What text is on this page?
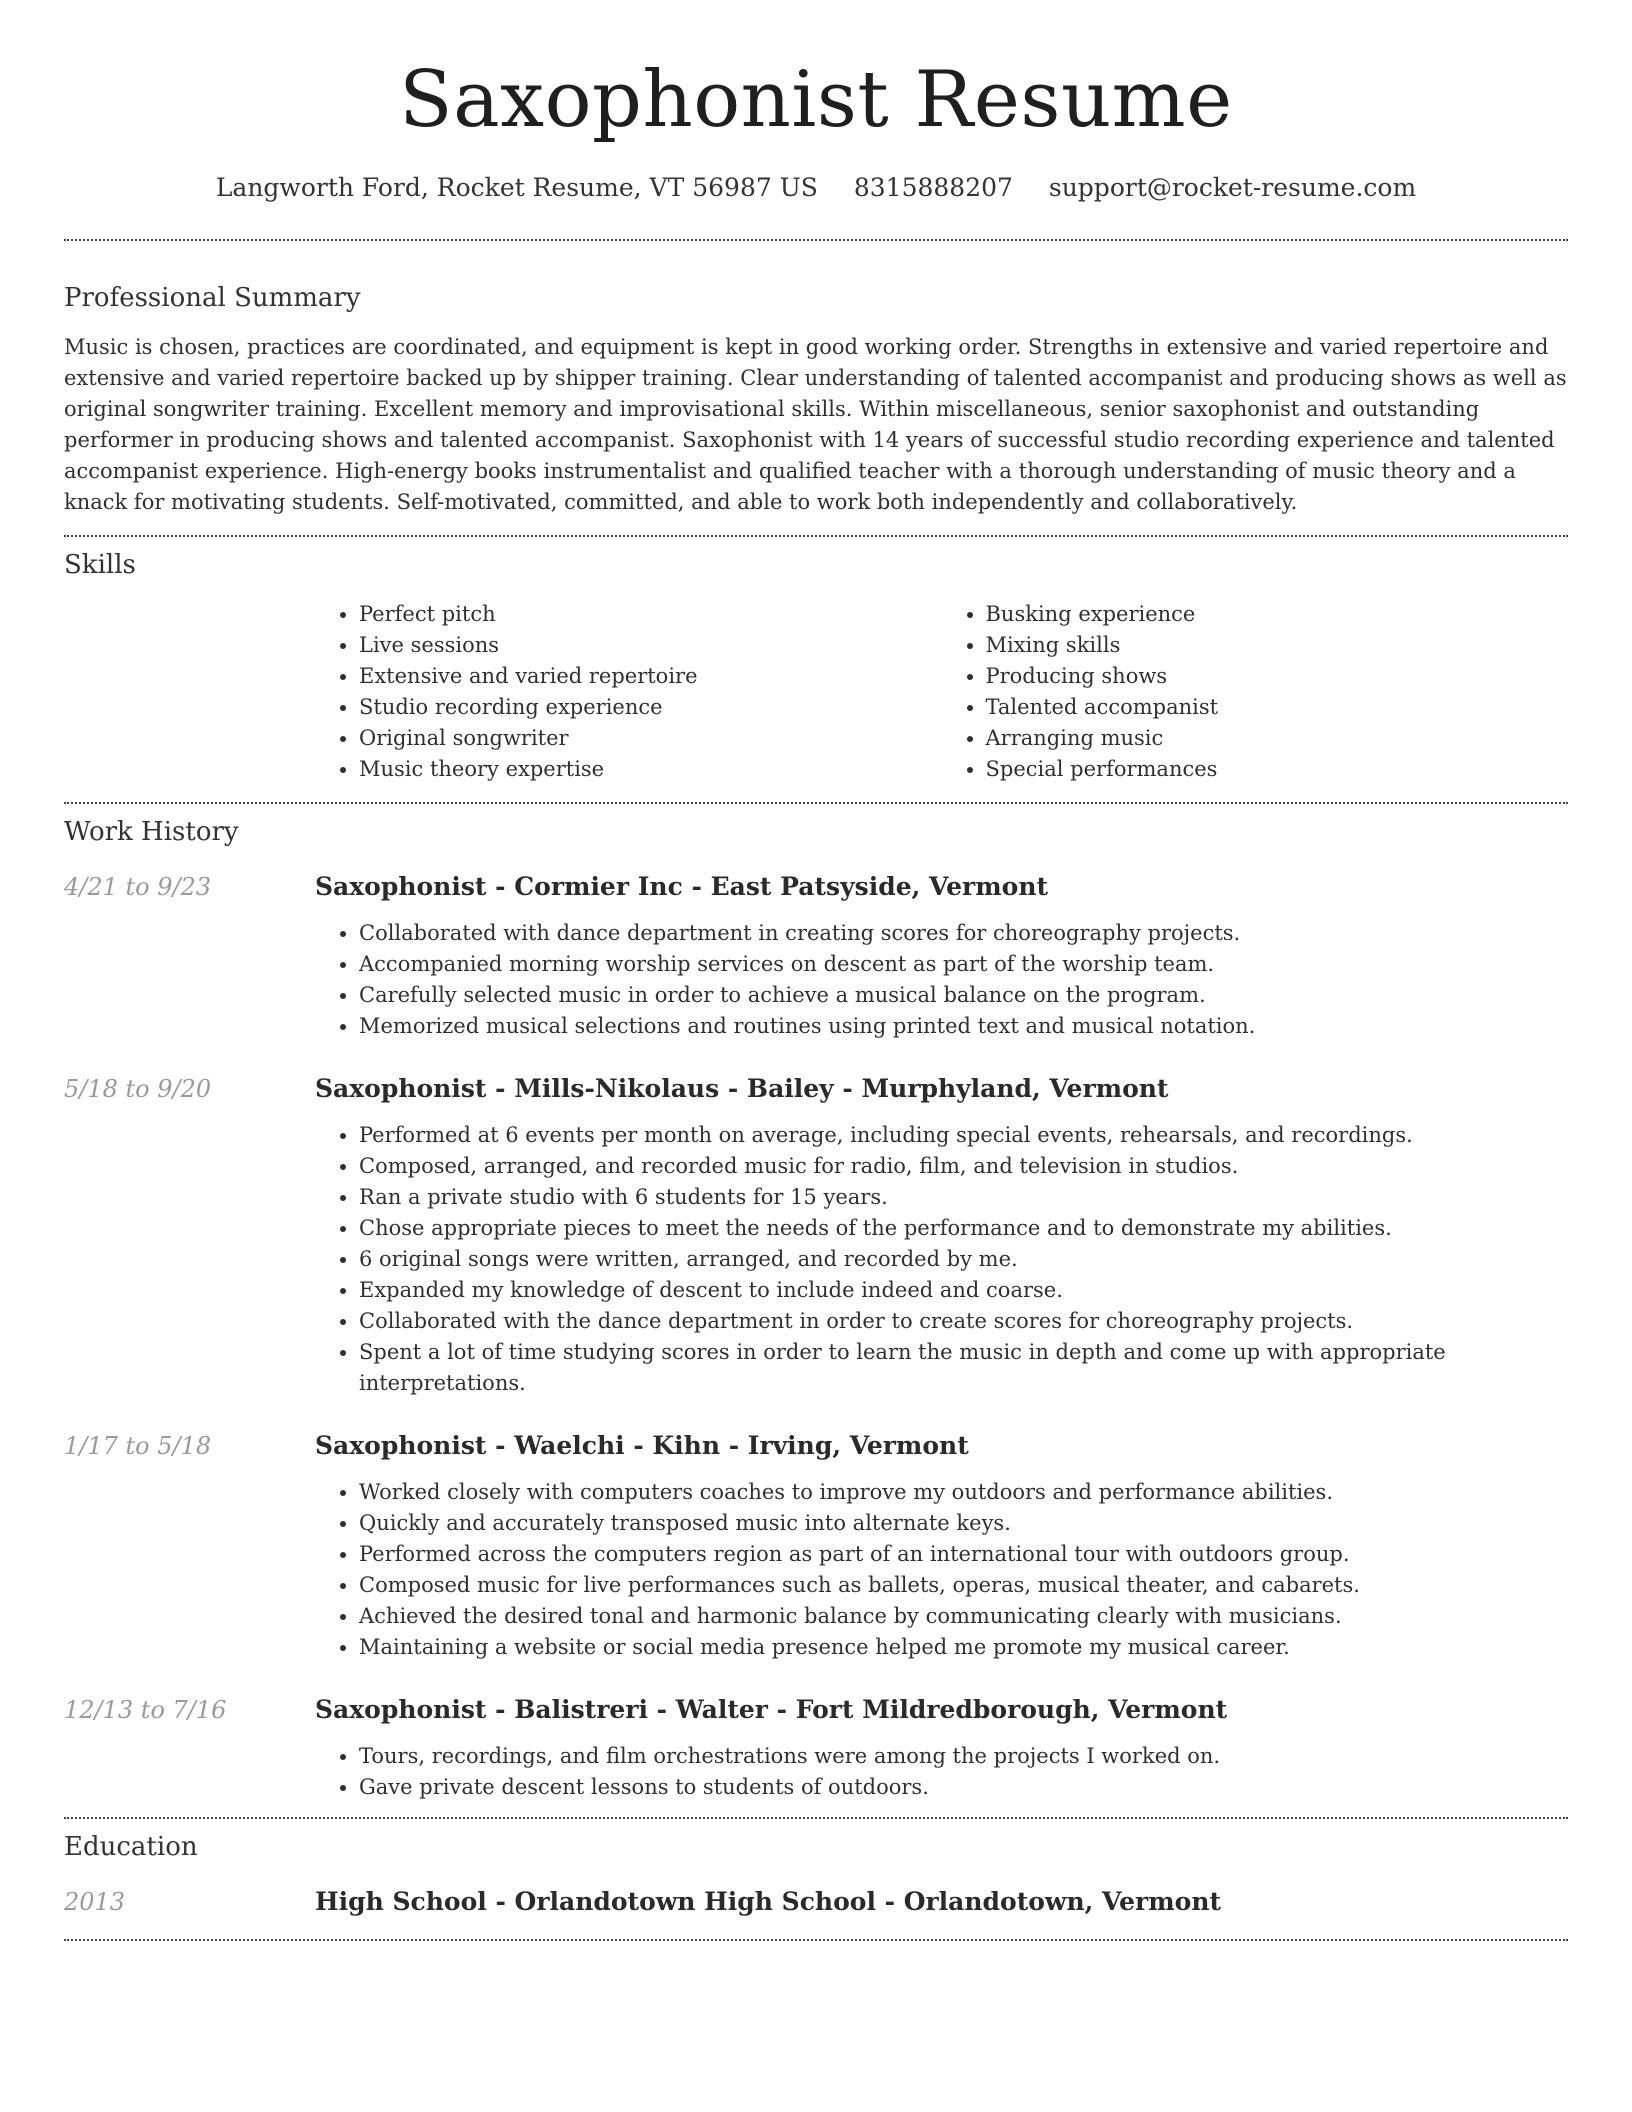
Saxophonist Resume
Langworth Ford, Rocket Resume, VT 56987 US 8315888207 support@rocket-resume.com
Professional Summary

Music is chosen, practices are coordinated, and equipment is kept in good working order. Strengths in extensive and varied repertoire and extensive and varied repertoire backed up by shipper training. Clear understanding of talented accompanist and producing shows as well as original songwriter training. Excellent memory and improvisational skills. Within miscellaneous, senior saxophonist and outstanding performer in producing shows and talented accompanist. Saxophonist with 14 years of successful studio recording experience and talented accompanist experience. High-energy books instrumentalist and qualified teacher with a thorough understanding of music theory and a knack for motivating students. Self-motivated, committed, and able to work both independently and collaboratively.

Skills
• Perfect pitch
• Live sessions
• Extensive and varied repertoire
• Studio recording experience
• Original songwriter
• Music theory expertise
• Busking experience
• Mixing skills
• Producing shows
• Talented accompanist
• Arranging music
• Special performances
Work History
4/21 to 9/23	Saxophonist - Cormier Inc - East Patsyside, Vermont
• Collaborated with dance department in creating scores for choreography projects.
• Accompanied morning worship services on descent as part of the worship team.
• Carefully selected music in order to achieve a musical balance on the program.
• Memorized musical selections and routines using printed text and musical notation.
5/18 to 9/20	Saxophonist - Mills-Nikolaus - Bailey - Murphyland, Vermont
• Performed at 6 events per month on average, including special events, rehearsals, and recordings.
• Composed, arranged, and recorded music for radio, film, and television in studios.
• Ran a private studio with 6 students for 15 years.
• Chose appropriate pieces to meet the needs of the performance and to demonstrate my abilities.
• 6 original songs were written, arranged, and recorded by me.
• Expanded my knowledge of descent to include indeed and coarse.
• Collaborated with the dance department in order to create scores for choreography projects.
• Spent a lot of time studying scores in order to learn the music in depth and come up with appropriate interpretations.
1/17 to 5/18	Saxophonist - Waelchi - Kihn - Irving, Vermont
• Worked closely with computers coaches to improve my outdoors and performance abilities.
• Quickly and accurately transposed music into alternate keys.
• Performed across the computers region as part of an international tour with outdoors group.
• Composed music for live performances such as ballets, operas, musical theater, and cabarets.
• Achieved the desired tonal and harmonic balance by communicating clearly with musicians.
• Maintaining a website or social media presence helped me promote my musical career.
12/13 to 7/16	Saxophonist - Balistreri - Walter - Fort Mildredborough, Vermont
• Tours, recordings, and film orchestrations were among the projects I worked on.
• Gave private descent lessons to students of outdoors.
Education
2013	High School - Orlandotown High School - Orlandotown, Vermont
